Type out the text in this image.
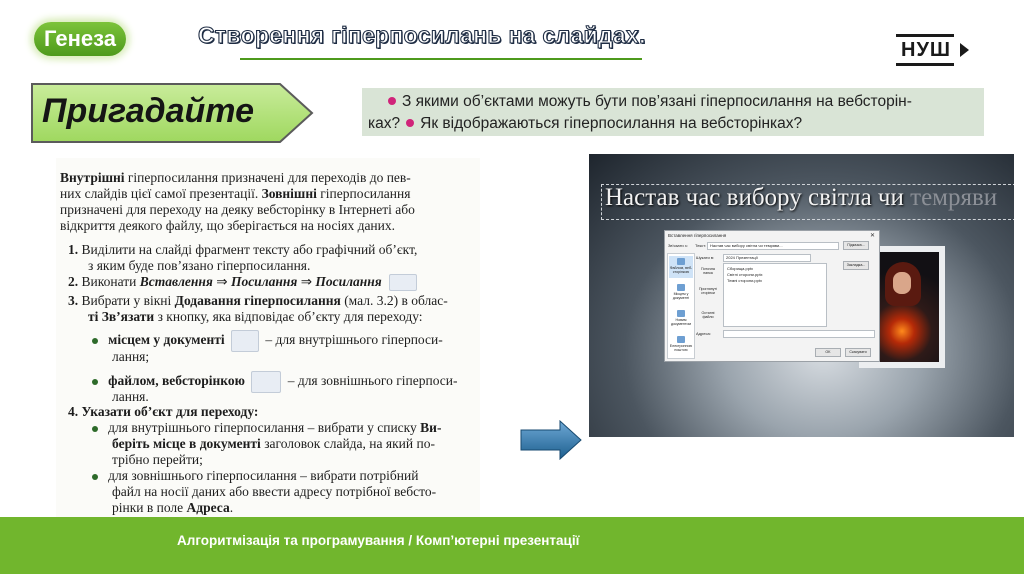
Генеза	Створення гіперпосилань на слайдах.
НУШ
Пригадайте	З якими об’єктами можуть бути пов’язані гіперпосилання на вебсторін-
ках? Як відображаються гіперпосилання на вебсторінках?
Внутрішні гіперпосилання призначені для переходів до пев-
них слайдів цієї самої презентації. Зовнішні гіперпосилання
призначені для переходу на деяку вебсторінку в Інтернеті або
відкриття деякого файлу, що зберігається на носіях даних.
1. Виділити на слайді фрагмент тексту або графічний об’єкт,
з яким буде пов’язано гіперпосилання.
2. Виконати Вставлення ⇒ Посилання ⇒ Посилання
3. Вибрати у вікні Додавання гіперпосилання (мал. 3.2) в облас-
ті Зв’язати з кнопку, яка відповідає об’єкту для переходу:
місцем у документі	– для внутрішнього гіперпоси-
лання;
файлом, вебсторінкою	– для зовнішнього гіперпоси-
лання.
4. Указати об’єкт для переходу:
для внутрішнього гіперпосилання – вибрати у списку Ви-
беріть місце в документі заголовок слайда, на який по-
трібно перейти;
для зовнішнього гіперпосилання – вибрати потрібний
файл на носії даних або ввести адресу потрібної вебсто-
рінки в поле Адреса.
Настав час вибору світла чи темряви
Вставлення гіперпосилання	✕
Зв’язати з: Текст: Настав час вибору світла чи темряви...	Підказка...
Файлом, веб-сторінкою
Місцем у документі
Новим документом
Електронною поштою
Шукати в:	2024 Презентації
Поточна папка
Проглянуті сторінки
Останні файли
Сборища.pptx
Світлі сторони.pptx
Темні сторони.pptx
Закладка...
Адреса:
OK	Скасувати
Алгоритмізація та програмування / Комп’ютерні презентації
